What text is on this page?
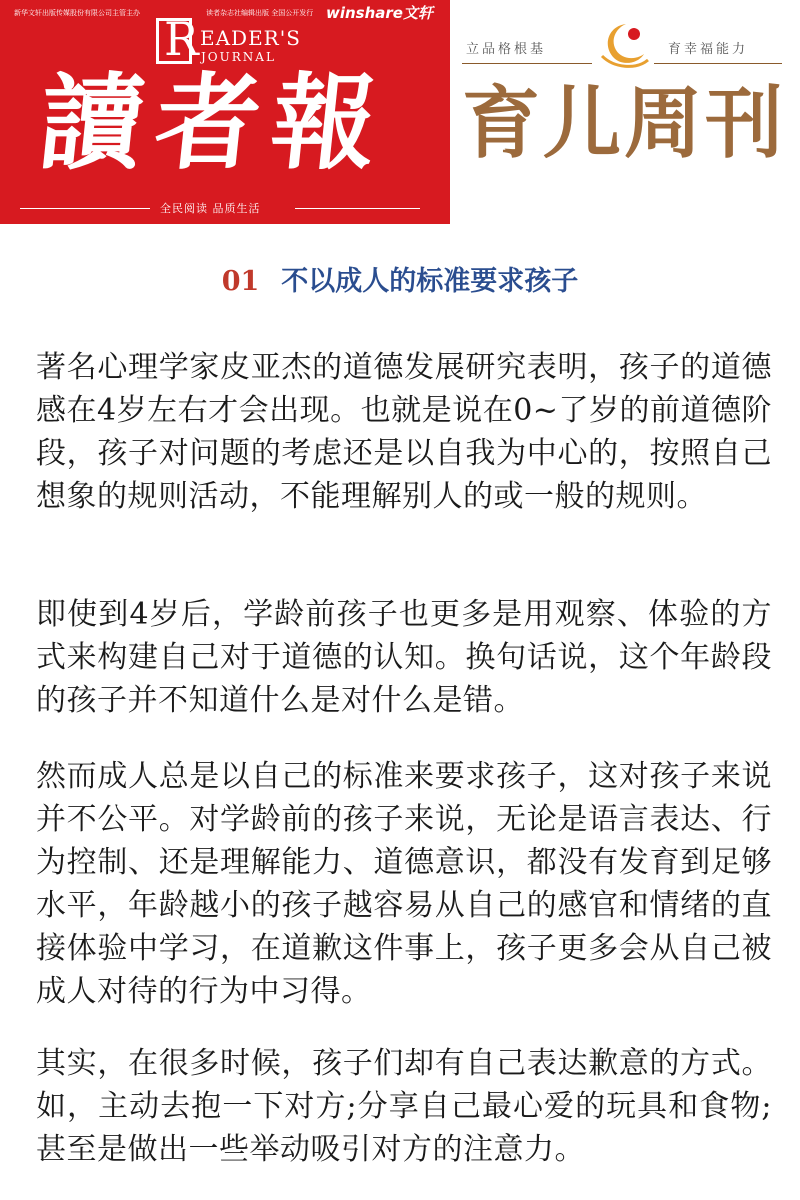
新华文轩出版传媒股份有限公司主管主办	读者杂志社编辑出版 全国公开发行 winshare文轩
R EADER'S
JOURNAL
讀者報
全民阅读 品质生活
立品格根基	育幸福能力
育儿周刊
01 不以成人的标准要求孩子

著名心理学家皮亚杰的道德发展研究表明，孩子的道德感在4岁左右才会出现。也就是说在0~了岁的前道德阶段，孩子对问题的考虑还是以自我为中心的，按照自己想象的规则活动，不能理解别人的或一般的规则。

即使到4岁后，学龄前孩子也更多是用观察、体验的方式来构建自己对于道德的认知。换句话说，这个年龄段的孩子并不知道什么是对什么是错。

然而成人总是以自己的标准来要求孩子，这对孩子来说并不公平。对学龄前的孩子来说，无论是语言表达、行为控制、还是理解能力、道德意识，都没有发育到足够水平，年龄越小的孩子越容易从自己的感官和情绪的直接体验中学习，在道歉这件事上，孩子更多会从自己被成人对待的行为中习得。

其实，在很多时候，孩子们却有自己表达歉意的方式。如，主动去抱一下对方;分享自己最心爱的玩具和食物;甚至是做出一些举动吸引对方的注意力。
